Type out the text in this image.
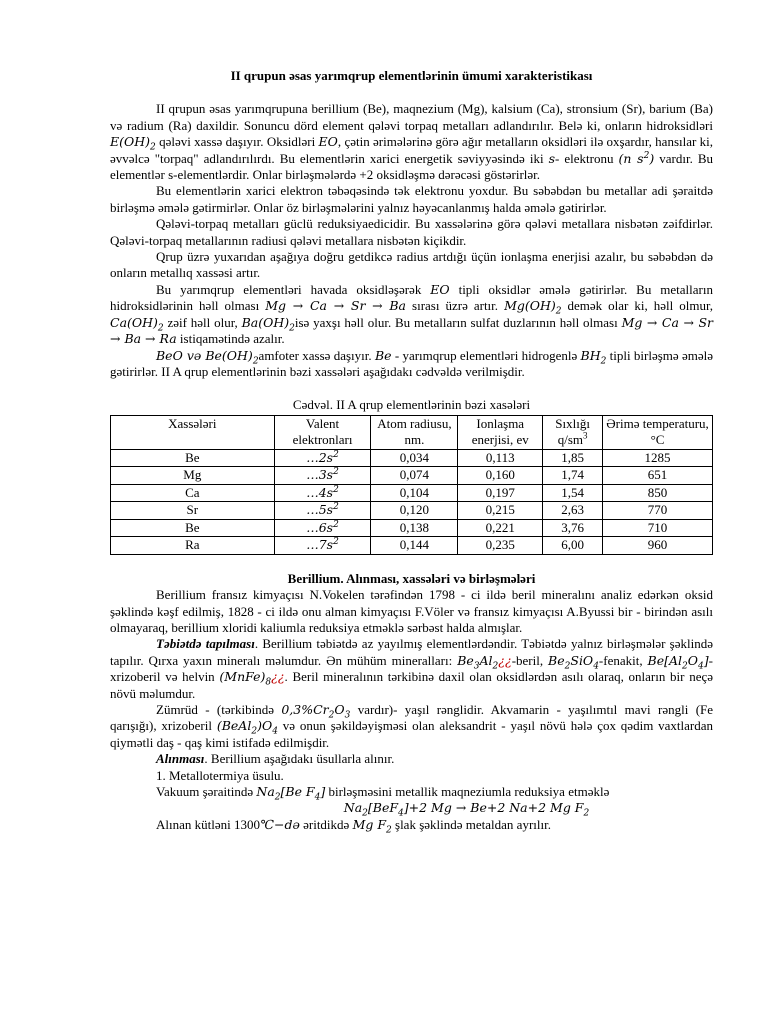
II qrupun əsas yarımqrup elementlərinin ümumi xarakteristikası

II qrupun əsas yarımqrupuna berillium (Be), maqnezium (Mg), kalsium (Ca), stronsium (Sr), barium (Ba) və radium (Ra) daxildir. Sonuncu dörd element qələvi torpaq metalları adlandırılır. Belə ki, onların hidroksidləri $E(OH)_2$ qələvi xassə daşıyır. Oksidləri EO, çətin ərimələrinə görə ağır metalların oksidləri ilə oxşardır, hansılar ki, əvvəlcə "torpaq" adlandırılırdı. Bu elementlərin xarici energetik səviyyəsində iki s- elektronu (n $s^2$) vardır. Bu elementlər s-elementlərdir. Onlar birləşmələrdə +2 oksidləşmə dərəcəsi göstərirlər.

Bu elementlərin xarici elektron təbəqəsində tək elektronu yoxdur. Bu səbəbdən bu metallar adi şəraitdə birləşmə əmələ gətirmirlər. Onlar öz birləşmələrini yalnız həyəcanlanmış halda əmələ gətirirlər.

Qələvi-torpaq metalları güclü reduksiyaedicidir. Bu xassələrinə görə qələvi metallara nisbətən zəifdirlər. Qələvi-torpaq metallarının radiusi qələvi metallara nisbətən kiçikdir.

Qrup üzrə yuxarıdan aşağıya doğru getdikcə radius artdığı üçün ionlaşma enerjisi azalır, bu səbəbdən də onların metallıq xassəsi artır.

Bu yarımqrup elementləri havada oksidləşərək EO tipli oksidlər əmələ gətirirlər. Bu metalların hidroksidlərinin həll olması Mg → Ca → Sr → Ba sırası üzrə artır. $Mg(OH)_2$ demək olar ki, həll olmur, $Ca(OH)_2$ zəif həll olur, $Ba(OH)_2isə$ yaxşı həll olur. Bu metalların sulfat duzlarının həll olması Mg → Ca → Sr → Ba → Ra istiqamətində azalır.

BeO və $Be(OH)_2amfoter$ xassə daşıyır. Be - yarımqrup elementləri hidrogenlə $BH_2$ tipli birləşmə əmələ gətirirlər. II A qrup elementlərinin bəzi xassələri aşağıdakı cədvəldə verilmişdir.

Cədvəl. II A qrup elementlərinin bəzi xasələri
Xassələri	Valent elektronları	Atom radiusu, nm.	Ionlaşma enerjisi, ev	Sıxlığı $q/sm^3$	Ərimə temperaturu, °C
Be	$\dots 2s^2$	0,034	0,113	1,85	1285
Mg	$\dots 3s^2$	0,074	0,160	1,74	651
Ca	$\dots 4s^2$	0,104	0,197	1,54	850
Sr	$\dots 5s^2$	0,120	0,215	2,63	770
Be	$\dots 6s^2$	0,138	0,221	3,76	710
Ra	$\dots 7s^2$	0,144	0,235	6,00	960
Berillium. Alınması, xassələri və birləşmələri

Berillium fransız kimyaçısı N.Vokelen tərəfindən 1798 - ci ildə beril mineralını analiz edərkən oksid şəklində kəşf edilmiş, 1828 - ci ildə onu alman kimyaçısı F.Völer və fransız kimyaçısı A.Byussi bir - birindən asılı olmayaraq, berillium xloridi kaliumla reduksiya etməklə sərbəst halda almışlar.

Təbiətdə tapılması. Berillium təbiətdə az yayılmış elementlərdəndir. Təbiətdə yalnız birləşmələr şəklində tapılır. Qırxa yaxın mineralı məlumdur. Ən mühüm mineralları: $Be_3Al_2¿¿$-beril, $Be_2SiO_4$-fenakit, $Be[Al_2O_4]$-xrizoberil və helvin $(MnFe)_8¿¿$. Beril mineralının tərkibinə daxil olan oksidlərdən asılı olaraq, onların bir neçə növü məlumdur.

Zümrüd - (tərkibində $0,3\%Cr_2O_3$ vardır)- yaşıl rənglidir. Akvamarin - yaşılımtıl mavi rəngli (Fe qarışığı), xrizoberil $(BeAl_2)O_4$ və onun şəkildəyişməsi olan aleksandrit - yaşıl növü hələ çox qədim vaxtlardan qiymətli daş - qaş kimi istifadə edilmişdir.

Alınması. Berillium aşağıdakı üsullarla alınır.

1. Metallotermiya üsulu.

Vakuum şəraitində $Na_2[Be$ $F_4$] birləşməsini metallik maqneziumla reduksiya etməklə

$Na_2[BeF_4]+2$ Mg → Be+2 Na+2 Mg $F_2$

Alınan kütləni 1300℃−də əritdikdə Mg $F_2$ şlak şəklində metaldan ayrılır.
